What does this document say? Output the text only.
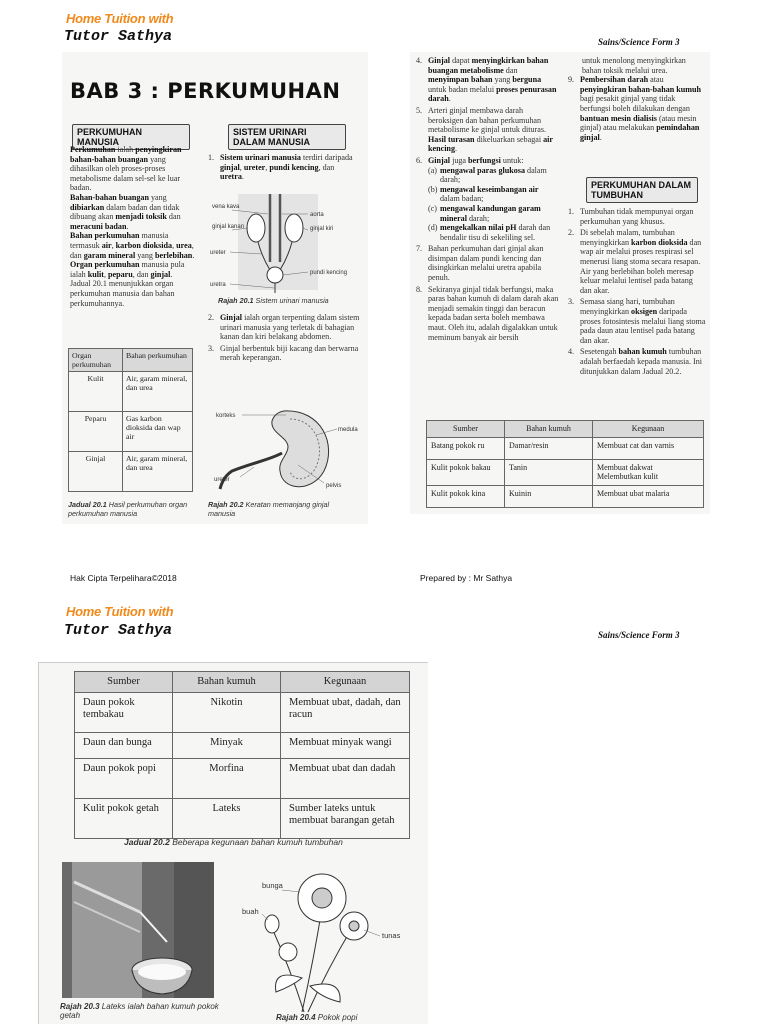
Home Tuition with
Tutor Sathya	Sains/Science Form 3
BAB 3 : PERKUMUHAN
PERKUMUHAN MANUSIA

Perkumuhan ialah penyingkiran bahan-bahan buangan yang dihasilkan oleh proses-proses metabolisme dalam sel-sel ke luar badan.

Bahan-bahan buangan yang dibiarkan dalam badan dan tidak dibuang akan menjadi toksik dan meracuni badan.

Bahan perkumuhan manusia termasuk air, karbon dioksida, urea, dan garam mineral yang berlebihan. Organ perkumuhan manusia pula ialah kulit, peparu, dan ginjal.

Jadual 20.1 menunjukkan organ perkumuhan manusia dan bahan perkumuhannya.

Organ perkumuhan	Bahan perkumuhan
Kulit	Air, garam mineral, dan urea
Peparu	Gas karbon dioksida dan wap air
Ginjal	Air, garam mineral, dan urea
Jadual 20.1 Hasil perkumuhan organ perkumuhan manusia
SISTEM URINARI DALAM MANUSIA
1. Sistem urinari manusia terdiri daripada ginjal, ureter, pundi kencing, dan uretra.
vena kava
ginjal kanan
aorta
ginjal kiri
ureter
pundi kencing
uretra
Rajah 20.1 Sistem urinari manusia
2. Ginjal ialah organ terpenting dalam sistem urinari manusia yang terletak di bahagian kanan dan kiri belakang abdomen.
3. Ginjal berbentuk biji kacang dan berwarna merah keperangan.
korteks
medula
ureter
pelvis
Rajah 20.2 Keratan memanjang ginjal manusia
4. Ginjal dapat menyingkirkan bahan buangan metabolisme dan menyimpan bahan yang berguna untuk badan melalui proses penurasan darah.
5. Arteri ginjal membawa darah beroksigen dan bahan perkumuhan metabolisme ke ginjal untuk dituras. Hasil turasan dikeluarkan sebagai air kencing.
6. Ginjal juga berfungsi untuk:
(a) mengawal paras glukosa dalam darah;
(b) mengawal keseimbangan air dalam badan;
(c) mengawal kandungan garam mineral darah;
(d) mengekalkan nilai pH darah dan bendalir tisu di sekeliling sel.
7. Bahan perkumuhan dari ginjal akan disimpan dalam pundi kencing dan disingkirkan melalui uretra apabila penuh.
8. Sekiranya ginjal tidak berfungsi, maka paras bahan kumuh di dalam darah akan menjadi semakin tinggi dan beracun kepada badan serta boleh membawa maut. Oleh itu, adalah digalakkan untuk meminum banyak air bersih

untuk menolong menyingkirkan bahan toksik melalui urea.

9. Pembersihan darah atau penyingkiran bahan-bahan kumuh bagi pesakit ginjal yang tidak berfungsi boleh dilakukan dengan bantuan mesin dialisis (atau mesin ginjal) atau melakukan pemindahan ginjal.
PERKUMUHAN DALAM TUMBUHAN
1. Tumbuhan tidak mempunyai organ perkumuhan yang khusus.
2. Di sebelah malam, tumbuhan menyingkirkan karbon dioksida dan wap air melalui proses respirasi sel menerusi liang stoma secara resapan. Air yang berlebihan boleh meresap keluar melalui lentisel pada batang dan akar.
3. Semasa siang hari, tumbuhan menyingkirkan oksigen daripada proses fotosintesis melalui liang stoma pada daun atau lentisel pada batang dan akar.
4. Sesetengah bahan kumuh tumbuhan adalah berfaedah kepada manusia. Ini ditunjukkan dalam Jadual 20.2.
Sumber	Bahan kumuh	Kegunaan
Batang pokok ru	Damar/resin	Membuat cat dan varnis
Kulit pokok bakau	Tanin	Membuat dakwat Melembutkan kulit
Kulit pokok kina	Kuinin	Membuat ubat malaria
Hak Cipta Terpelihara©2018	Prepared by : Mr Sathya
Home Tuition with
Tutor Sathya	Sains/Science Form 3
Sumber	Bahan kumuh	Kegunaan
Daun pokok tembakau	Nikotin	Membuat ubat, dadah, dan racun
Daun dan bunga	Minyak	Membuat minyak wangi
Daun pokok popi	Morfina	Membuat ubat dan dadah
Kulit pokok getah	Lateks	Sumber lateks untuk membuat barangan getah
Jadual 20.2 Beberapa kegunaan bahan kumuh tumbuhan
Rajah 20.3 Lateks ialah bahan kumuh pokok getah
bunga
buah
tunas
Rajah 20.4 Pokok popi
